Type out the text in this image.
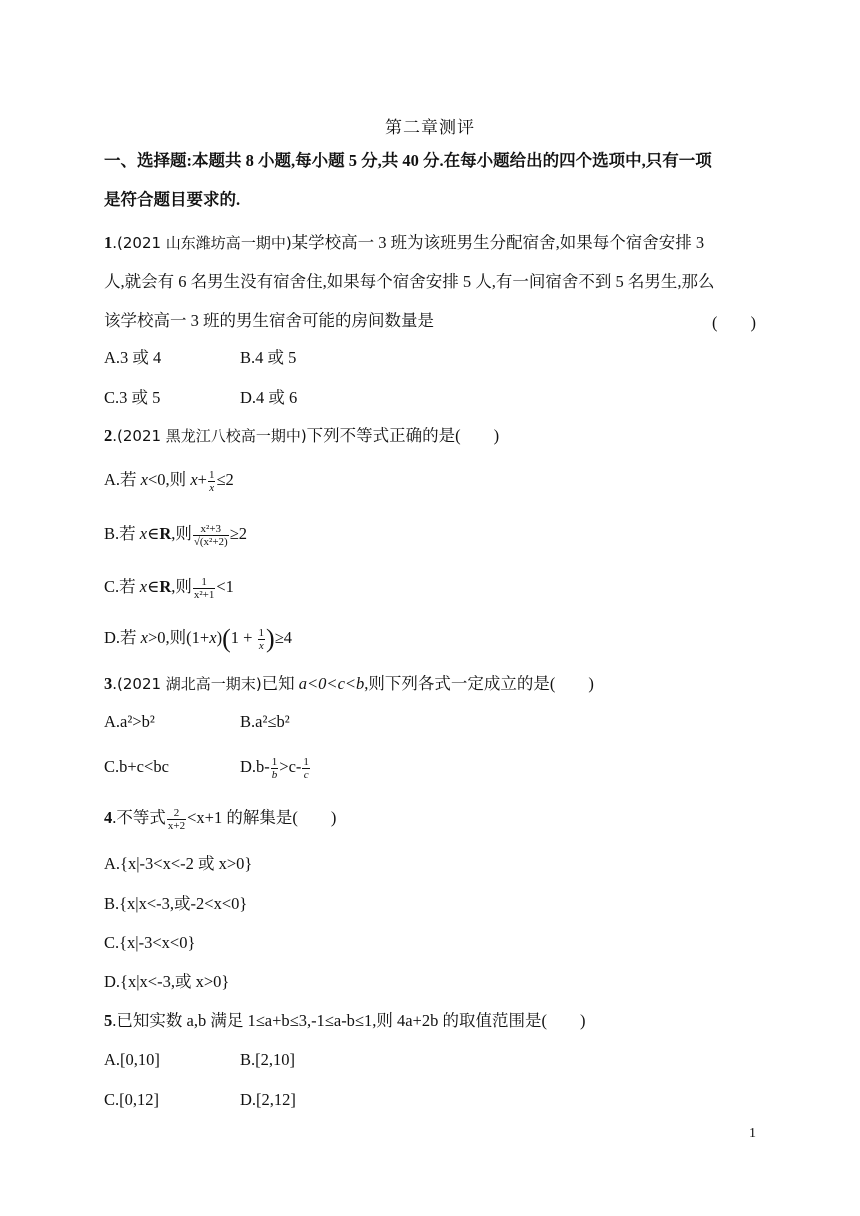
第二章测评
一、选择题:本题共 8 小题,每小题 5 分,共 40 分.在每小题给出的四个选项中,只有一项
是符合题目要求的.
1.(2021 山东潍坊高一期中)某学校高一 3 班为该班男生分配宿舍,如果每个宿舍安排 3
人,就会有 6 名男生没有宿舍住,如果每个宿舍安排 5 人,有一间宿舍不到 5 名男生,那么
该学校高一 3 班的男生宿舍可能的房间数量是	(　　)
A.3 或 4	B.4 或 5
C.3 或 5	D.4 或 6
2.(2021 黑龙江八校高一期中)下列不等式正确的是(　　)
A.若 x<0,则 $x+ \frac{1}{x} \le 2$
B.若 x∈R,则 $\frac{\text{x²+3}}{\text{√(x²+2)}} \ge 2$
C.若 x∈R,则 $\frac{1}{\text{x²+1}} <1$
D.若 x>0,则$(1+x)(1 + \frac{1}{x} )\ge 4$
3.(2021 湖北高一期末)已知 a<0<c<b,则下列各式一定成立的是(　　)
A.a²>b²	B.a²≤b²
C.b+c<bc	$D.b- \frac{1}{b} >c- \frac{1}{c}$
4.不等式 $\frac{2}{x+2} <x+1$ 的解集是(　　)
A.{x|-3<x<-2 或 x>0}
B.{x|x<-3,或-2<x<0}
C.{x|-3<x<0}
D.{x|x<-3,或 x>0}
5.已知实数 a,b 满足 1≤a+b≤3,-1≤a-b≤1,则 4a+2b 的取值范围是(　　)
A.[0,10]	B.[2,10]
C.[0,12]	D.[2,12]
1
